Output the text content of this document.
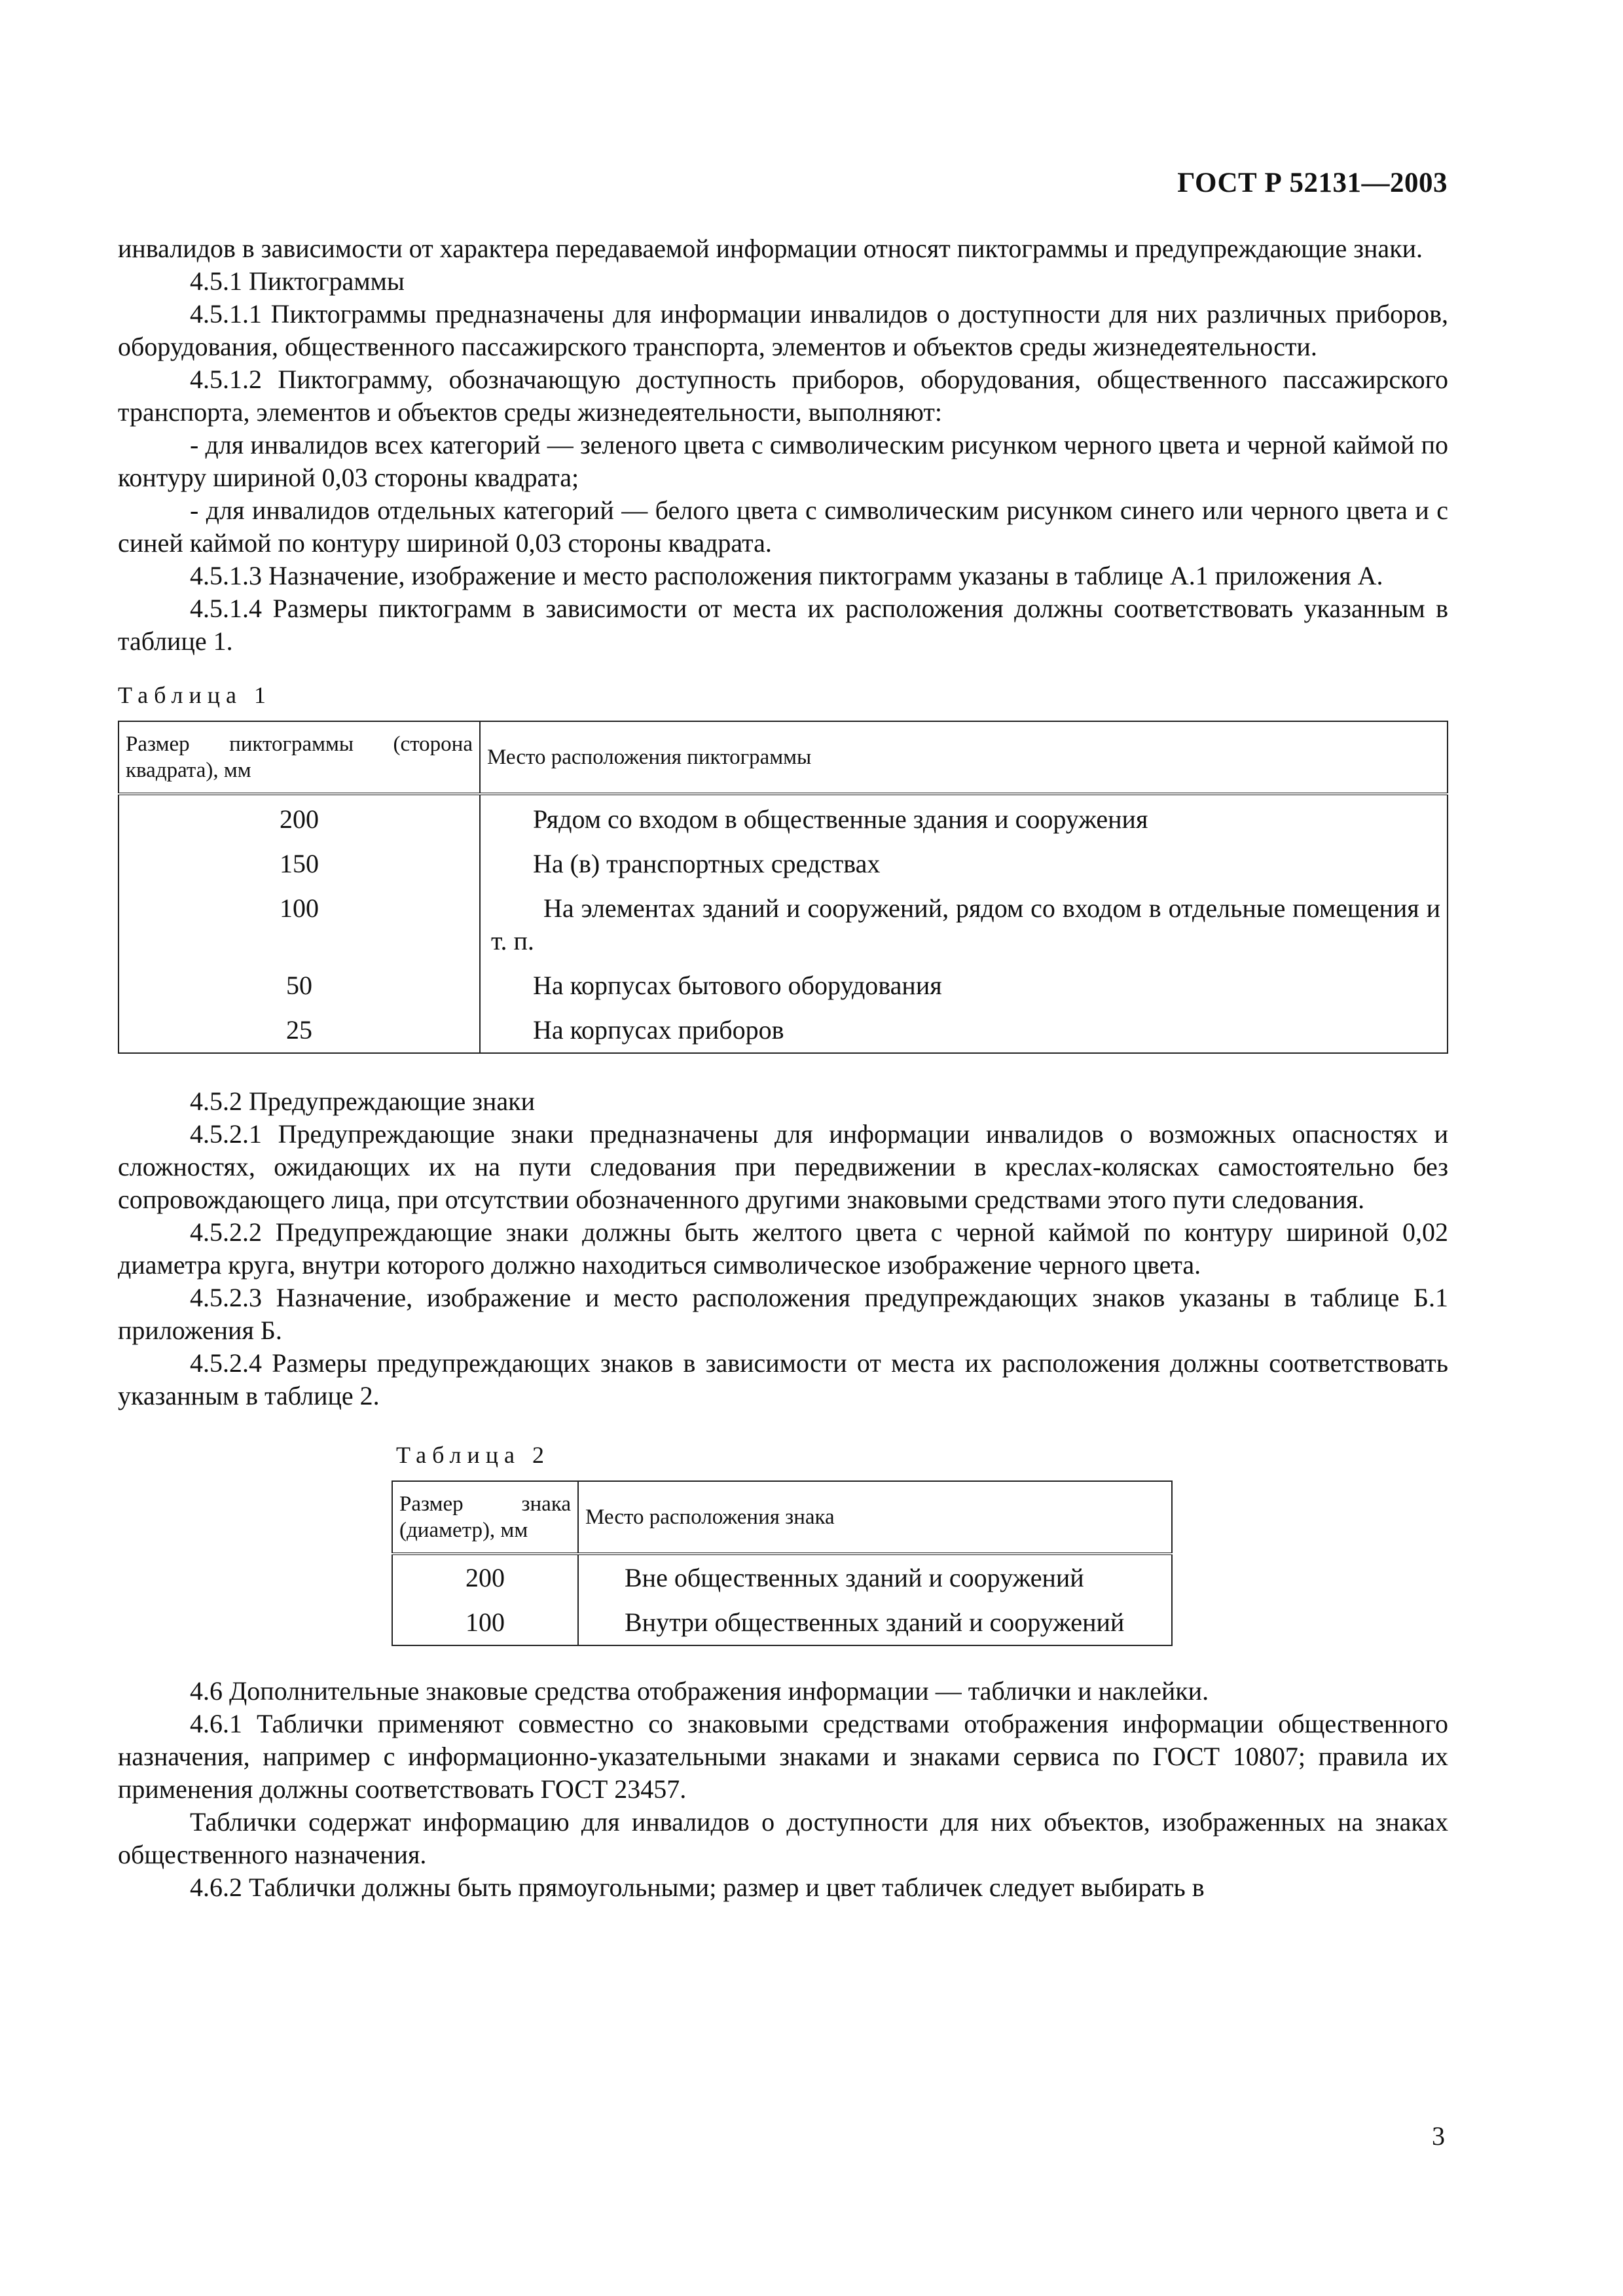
ГОСТ Р 52131—2003

инвалидов в зависимости от характера передаваемой информации относят пиктограммы и предупреждающие знаки.

4.5.1 Пиктограммы

4.5.1.1 Пиктограммы предназначены для информации инвалидов о доступности для них различных приборов, оборудования, общественного пассажирского транспорта, элементов и объектов среды жизнедеятельности.

4.5.1.2 Пиктограмму, обозначающую доступность приборов, оборудования, общественного пассажирского транспорта, элементов и объектов среды жизнедеятельности, выполняют:

- для инвалидов всех категорий — зеленого цвета с символическим рисунком черного цвета и черной каймой по контуру шириной 0,03 стороны квадрата;

- для инвалидов отдельных категорий — белого цвета с символическим рисунком синего или черного цвета и с синей каймой по контуру шириной 0,03 стороны квадрата.

4.5.1.3 Назначение, изображение и место расположения пиктограмм указаны в таблице А.1 приложения А.

4.5.1.4 Размеры пиктограмм в зависимости от места их расположения должны соответствовать указанным в таблице 1.

Таблица 1
Размер пиктограммы (сторона квадрата), мм	Место расположения пиктограммы
200	Рядом со входом в общественные здания и сооружения
150	На (в) транспортных средствах
100	На элементах зданий и сооружений, рядом со входом в отдельные помещения и т. п.
50	На корпусах бытового оборудования
25	На корпусах приборов

4.5.2 Предупреждающие знаки

4.5.2.1 Предупреждающие знаки предназначены для информации инвалидов о возможных опасностях и сложностях, ожидающих их на пути следования при передвижении в креслах-колясках самостоятельно без сопровождающего лица, при отсутствии обозначенного другими знаковыми средствами этого пути следования.

4.5.2.2 Предупреждающие знаки должны быть желтого цвета с черной каймой по контуру шириной 0,02 диаметра круга, внутри которого должно находиться символическое изображение черного цвета.

4.5.2.3 Назначение, изображение и место расположения предупреждающих знаков указаны в таблице Б.1 приложения Б.

4.5.2.4 Размеры предупреждающих знаков в зависимости от места их расположения должны соответствовать указанным в таблице 2.

Таблица 2
Размер знака (диаметр), мм	Место расположения знака
200	Вне общественных зданий и сооружений
100	Внутри общественных зданий и сооружений

4.6 Дополнительные знаковые средства отображения информации — таблички и наклейки.

4.6.1 Таблички применяют совместно со знаковыми средствами отображения информации общественного назначения, например с информационно-указательными знаками и знаками сервиса по ГОСТ 10807; правила их применения должны соответствовать ГОСТ 23457.

Таблички содержат информацию для инвалидов о доступности для них объектов, изображенных на знаках общественного назначения.

4.6.2 Таблички должны быть прямоугольными; размер и цвет табличек следует выбирать в

3
